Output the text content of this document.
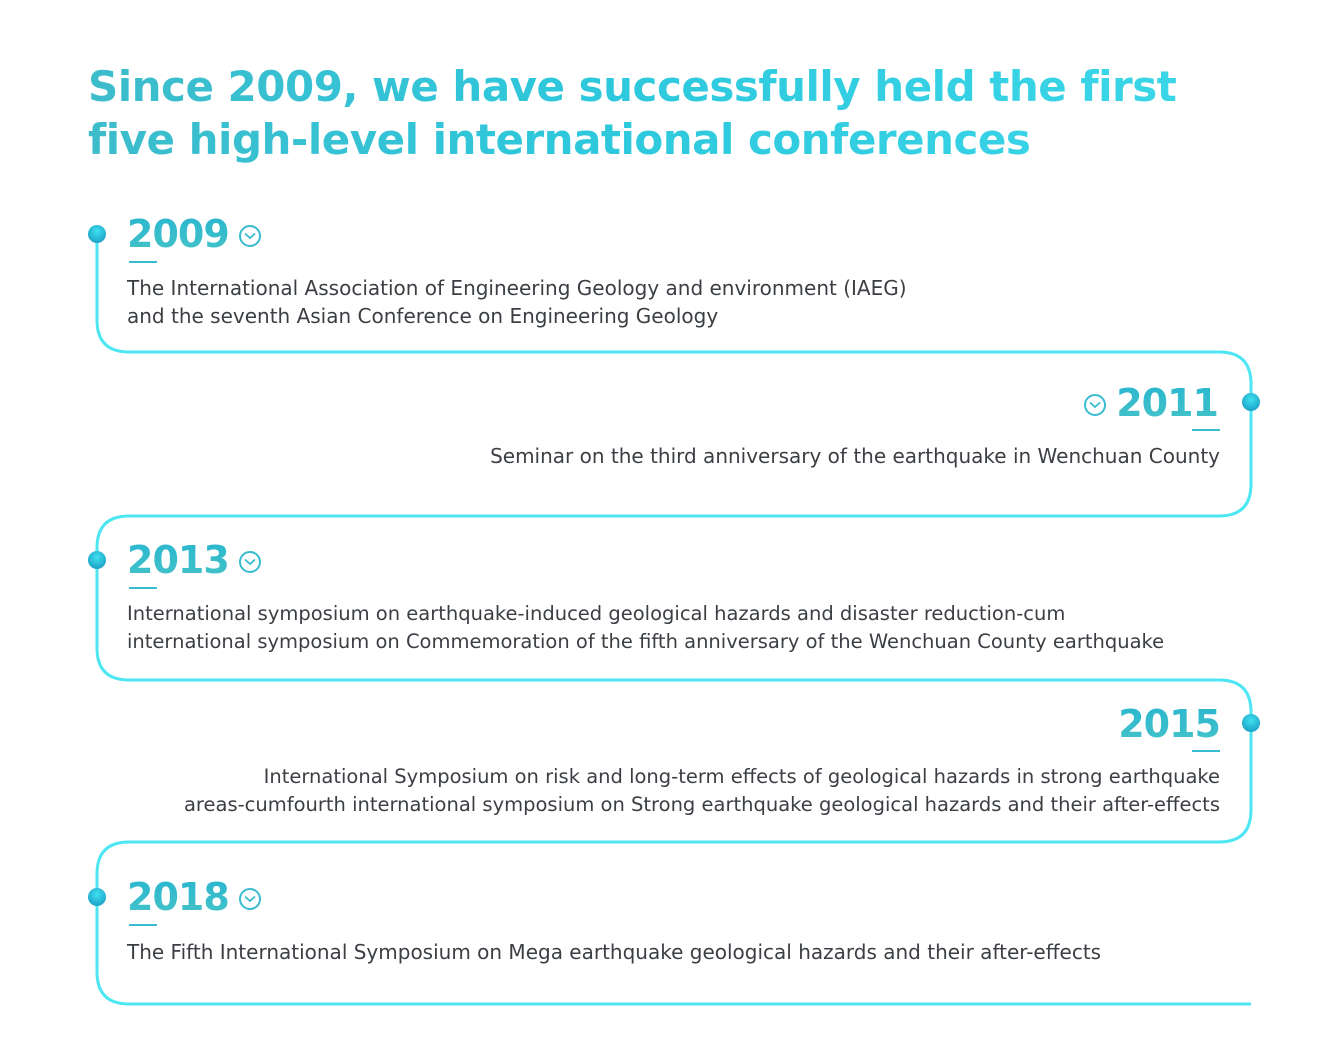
Since 2009, we have successfully held the first five high-level international conferences
2009
The International Association of Engineering Geology and environment (IAEG)
and the seventh Asian Conference on Engineering Geology
2011
Seminar on the third anniversary of the earthquake in Wenchuan County
2013
International symposium on earthquake-induced geological hazards and disaster reduction-cum
international symposium on Commemoration of the fifth anniversary of the Wenchuan County earthquake
2015
International Symposium on risk and long-term effects of geological hazards in strong earthquake
areas-cumfourth international symposium on Strong earthquake geological hazards and their after-effects
2018
The Fifth International Symposium on Mega earthquake geological hazards and their after-effects
